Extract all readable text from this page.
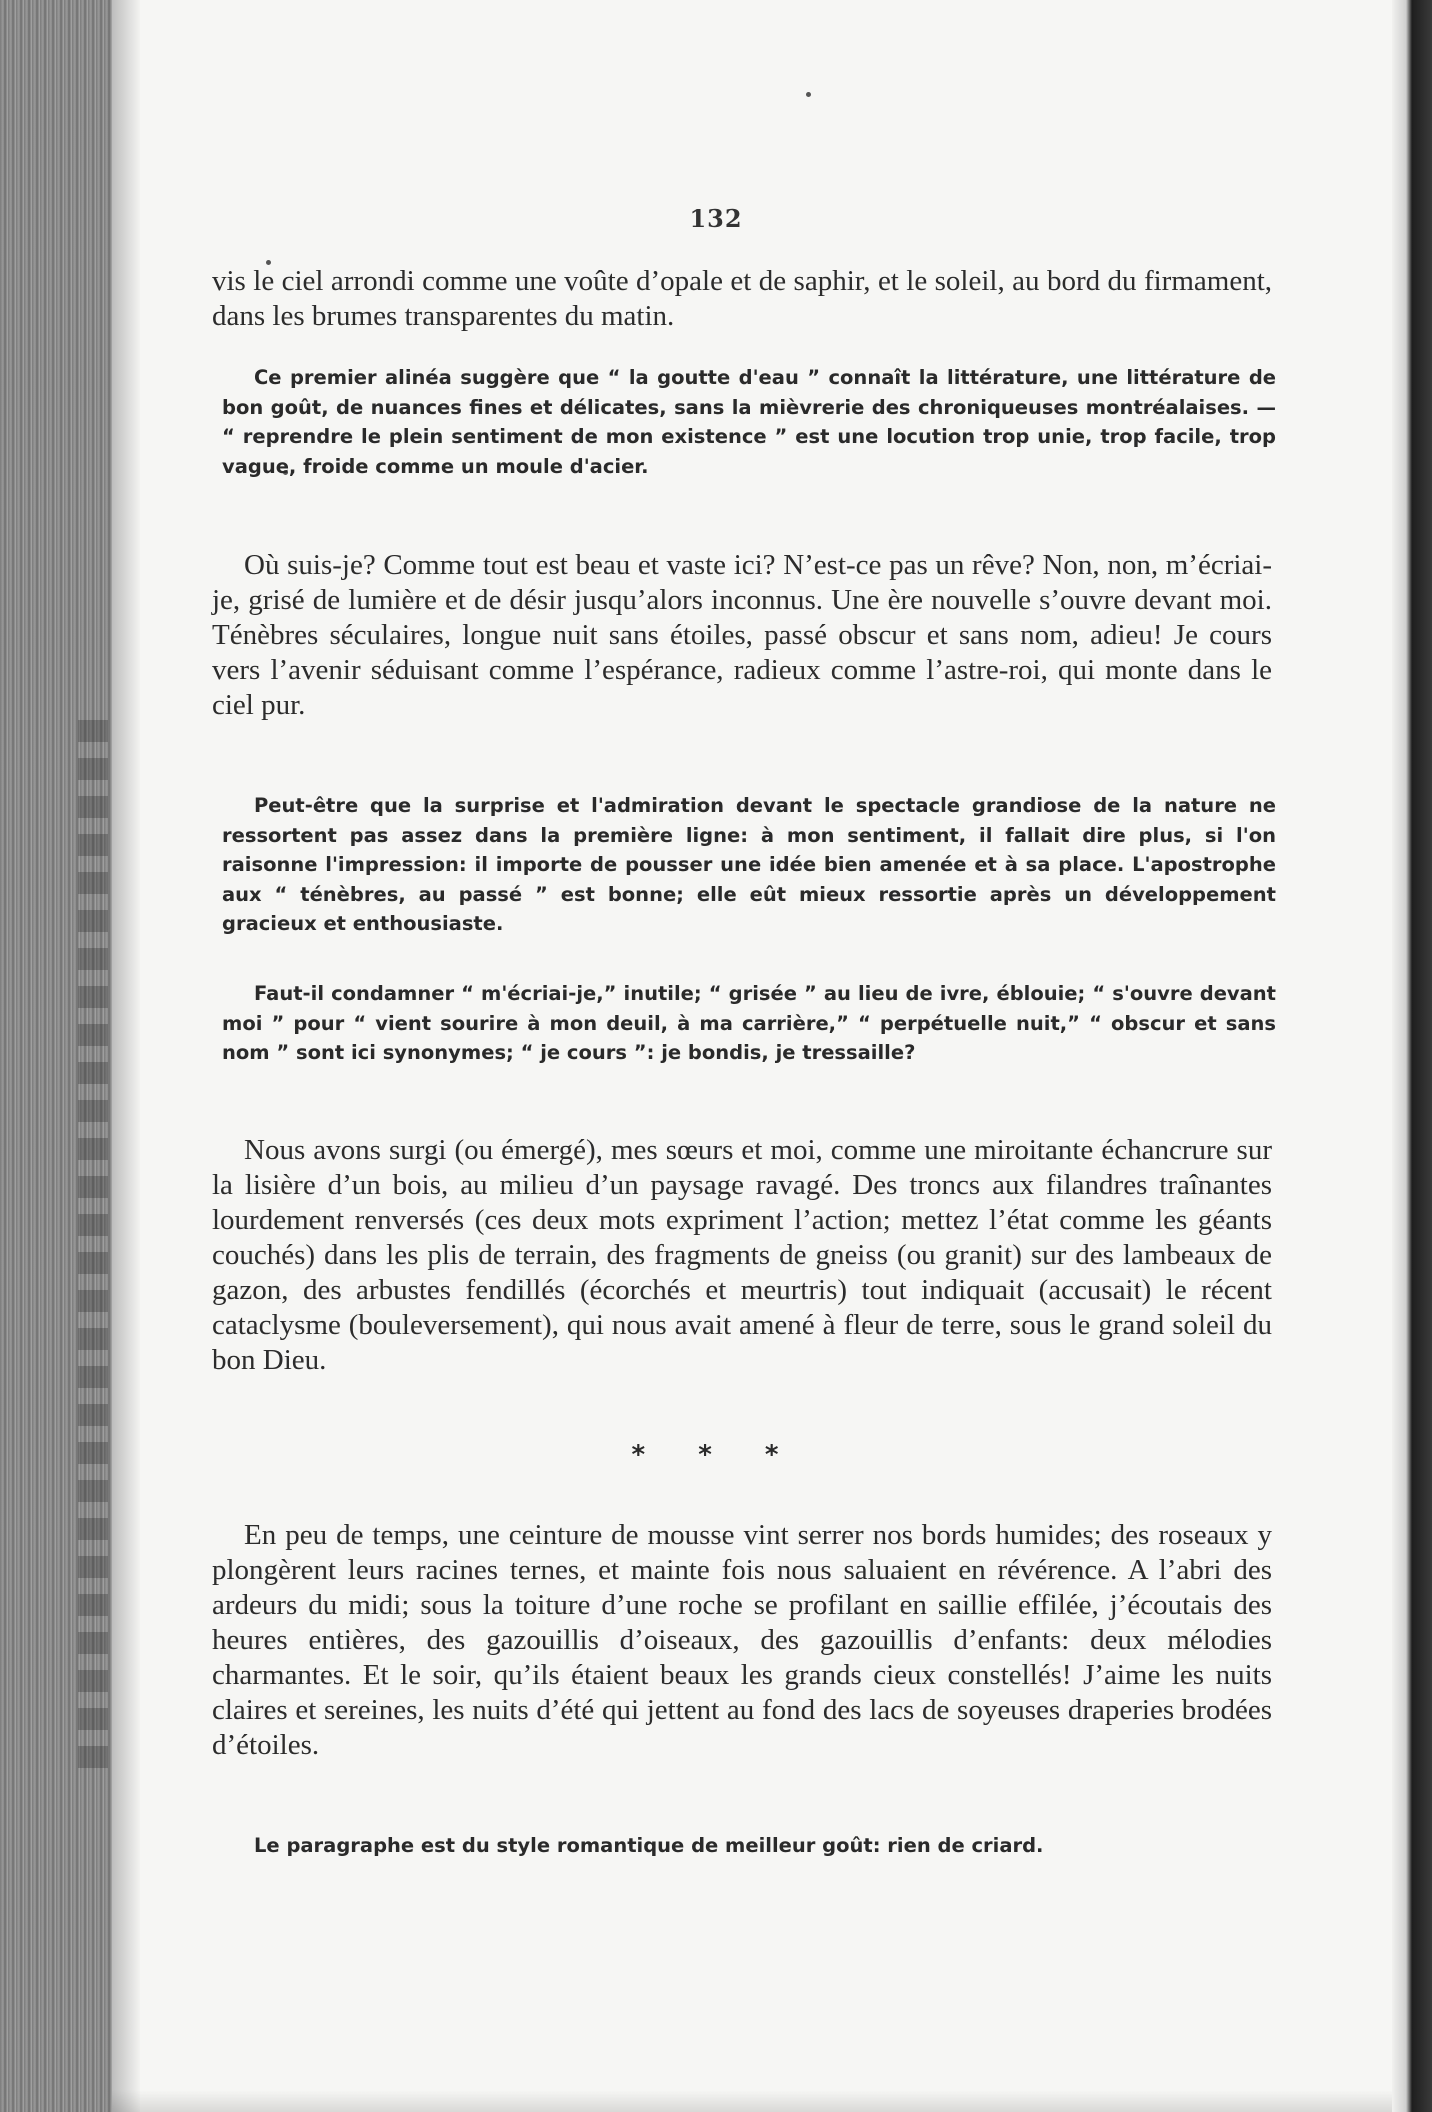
132

vis le ciel arrondi comme une voûte d’opale et de saphir, et le soleil, au bord du firmament, dans les brumes transparentes du matin.

Ce premier alinéa suggère que “ la goutte d'eau ” connaît la littérature, une littérature de bon goût, de nuances fines et délicates, sans la mièvrerie des chroniqueuses montréalaises. — “ reprendre le plein sentiment de mon existence ” est une locution trop unie, trop facile, trop vague, froide comme un moule d'acier.

Où suis-je? Comme tout est beau et vaste ici? N’est-ce pas un rêve? Non, non, m’écriai-je, grisé de lumière et de désir jusqu’alors inconnus. Une ère nouvelle s’ouvre devant moi. Ténèbres séculaires, longue nuit sans étoiles, passé obscur et sans nom, adieu! Je cours vers l’avenir séduisant comme l’espérance, radieux comme l’astre-roi, qui monte dans le ciel pur.

Peut-être que la surprise et l'admiration devant le spectacle grandiose de la nature ne ressortent pas assez dans la première ligne: à mon sentiment, il fallait dire plus, si l'on raisonne l'impression: il importe de pousser une idée bien amenée et à sa place. L'apostrophe aux “ ténèbres, au passé ” est bonne; elle eût mieux ressortie après un développement gracieux et enthousiaste.

Faut-il condamner “ m'écriai-je,” inutile; “ grisée ” au lieu de ivre, éblouie; “ s'ouvre devant moi ” pour “ vient sourire à mon deuil, à ma carrière,” “ perpétuelle nuit,” “ obscur et sans nom ” sont ici synonymes; “ je cours ”: je bondis, je tressaille?

Nous avons surgi (ou émergé), mes sœurs et moi, comme une miroitante échancrure sur la lisière d’un bois, au milieu d’un paysage ravagé. Des troncs aux filandres traînantes lourdement renversés (ces deux mots expriment l’action; mettez l’état comme les géants couchés) dans les plis de terrain, des fragments de gneiss (ou granit) sur des lambeaux de gazon, des arbustes fendillés (écorchés et meurtris) tout indiquait (accusait) le récent cataclysme (bouleversement), qui nous avait amené à fleur de terre, sous le grand soleil du bon Dieu.

* * *

En peu de temps, une ceinture de mousse vint serrer nos bords humides; des roseaux y plongèrent leurs racines ternes, et mainte fois nous saluaient en révérence. A l’abri des ardeurs du midi; sous la toiture d’une roche se profilant en saillie effilée, j’écoutais des heures entières, des gazouillis d’oiseaux, des gazouillis d’enfants: deux mélodies charmantes. Et le soir, qu’ils étaient beaux les grands cieux constellés! J’aime les nuits claires et sereines, les nuits d’été qui jettent au fond des lacs de soyeuses draperies brodées d’étoiles.

Le paragraphe est du style romantique de meilleur goût: rien de criard.
